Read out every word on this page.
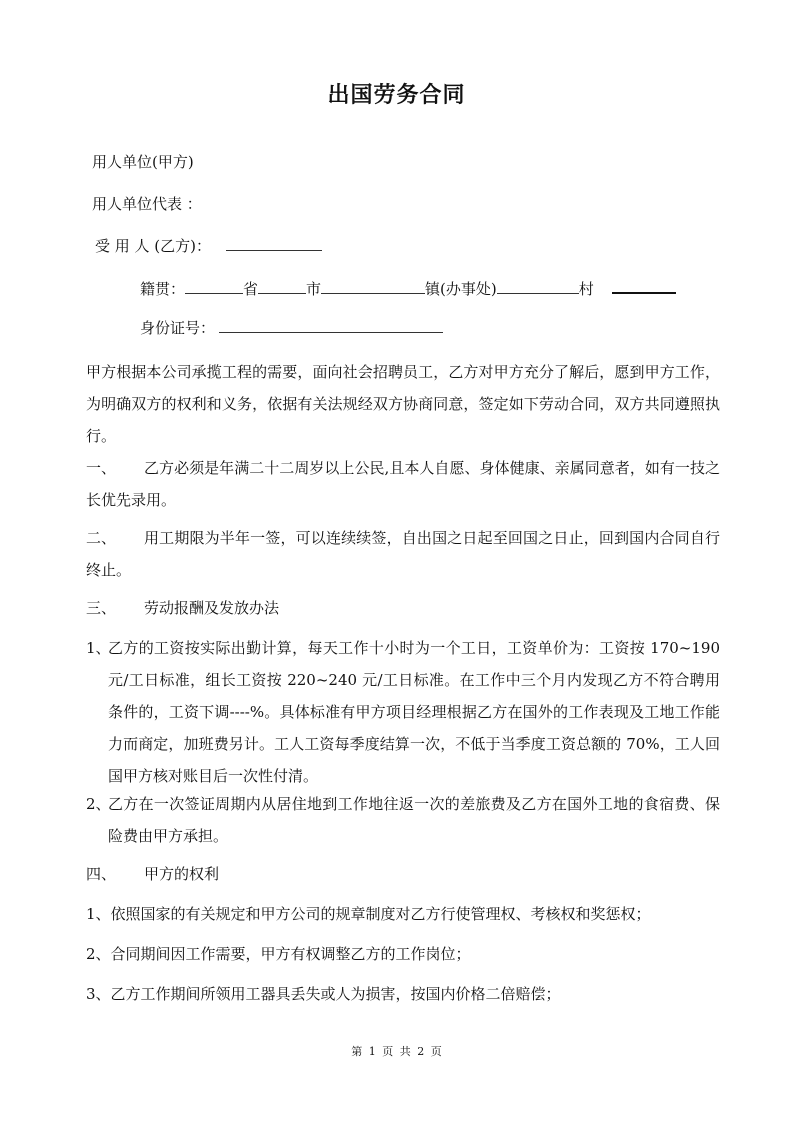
出国劳务合同
用人单位(甲方)
用人单位代表 ：
受 用 人 (乙方)：
籍贯：	省	市	镇(办事处)	村
身份证号：
甲方根据本公司承揽工程的需要，面向社会招聘员工，乙方对甲方充分了解后，愿到甲方工作，为明确双方的权利和义务，依据有关法规经双方协商同意，签定如下劳动合同，双方共同遵照执行。
一、	乙方必须是年满二十二周岁以上公民,且本人自愿、身体健康、亲属同意者，如有一技之长优先录用。
二、	用工期限为半年一签，可以连续续签，自出国之日起至回国之日止，回到国内合同自行终止。
三、	劳动报酬及发放办法
1、
乙方的工资按实际出勤计算，每天工作十小时为一个工日，工资单价为：工资按 170~190 元/工日标准，组长工资按 220~240 元/工日标准。在工作中三个月内发现乙方不符合聘用条件的，工资下调----%。具体标准有甲方项目经理根据乙方在国外的工作表现及工地工作能力而商定，加班费另计。工人工资每季度结算一次，不低于当季度工资总额的 70%，工人回国甲方核对账目后一次性付清。
2、
乙方在一次签证周期内从居住地到工作地往返一次的差旅费及乙方在国外工地的食宿费、保险费由甲方承担。
四、	甲方的权利
1、依照国家的有关规定和甲方公司的规章制度对乙方行使管理权、考核权和奖惩权；
2、合同期间因工作需要，甲方有权调整乙方的工作岗位；
3、乙方工作期间所领用工器具丢失或人为损害，按国内价格二倍赔偿；
第 1 页 共 2 页
